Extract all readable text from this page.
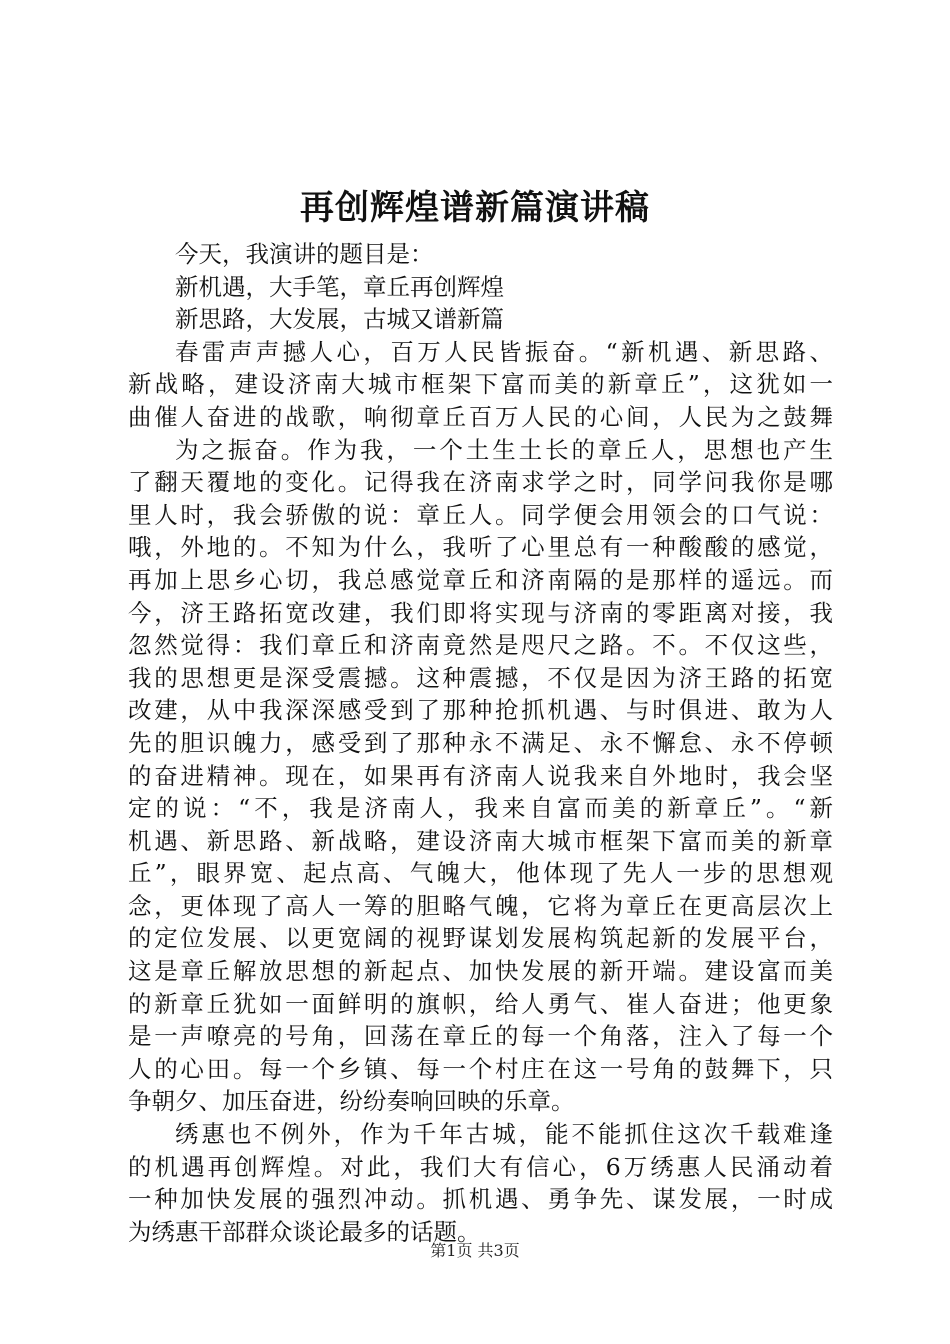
再创辉煌谱新篇演讲稿
今天，我演讲的题目是：
新机遇，大手笔，章丘再创辉煌
新思路，大发展，古城又谱新篇
春雷声声撼人心，百万人民皆振奋。“新机遇、新思路、
新战略，建设济南大城市框架下富而美的新章丘”，这犹如一
曲催人奋进的战歌，响彻章丘百万人民的心间，人民为之鼓舞
为之振奋。作为我，一个土生土长的章丘人，思想也产生
了翻天覆地的变化。记得我在济南求学之时，同学问我你是哪
里人时，我会骄傲的说：章丘人。同学便会用领会的口气说：
哦，外地的。不知为什么，我听了心里总有一种酸酸的感觉，
再加上思乡心切，我总感觉章丘和济南隔的是那样的遥远。而
今，济王路拓宽改建，我们即将实现与济南的零距离对接，我
忽然觉得：我们章丘和济南竟然是咫尺之路。不。不仅这些，
我的思想更是深受震撼。这种震撼，不仅是因为济王路的拓宽
改建，从中我深深感受到了那种抢抓机遇、与时俱进、敢为人
先的胆识魄力，感受到了那种永不满足、永不懈怠、永不停顿
的奋进精神。现在，如果再有济南人说我来自外地时，我会坚
定的说：“不，我是济南人，我来自富而美的新章丘”。“新
机遇、新思路、新战略，建设济南大城市框架下富而美的新章
丘”，眼界宽、起点高、气魄大，他体现了先人一步的思想观
念，更体现了高人一筹的胆略气魄，它将为章丘在更高层次上
的定位发展、以更宽阔的视野谋划发展构筑起新的发展平台，
这是章丘解放思想的新起点、加快发展的新开端。建设富而美
的新章丘犹如一面鲜明的旗帜，给人勇气、崔人奋进；他更象
是一声嘹亮的号角，回荡在章丘的每一个角落，注入了每一个
人的心田。每一个乡镇、每一个村庄在这一号角的鼓舞下，只
争朝夕、加压奋进，纷纷奏响回映的乐章。
绣惠也不例外，作为千年古城，能不能抓住这次千载难逢
的机遇再创辉煌。对此，我们大有信心，6万绣惠人民涌动着
一种加快发展的强烈冲动。抓机遇、勇争先、谋发展，一时成
为绣惠干部群众谈论最多的话题。
第1页 共3页
